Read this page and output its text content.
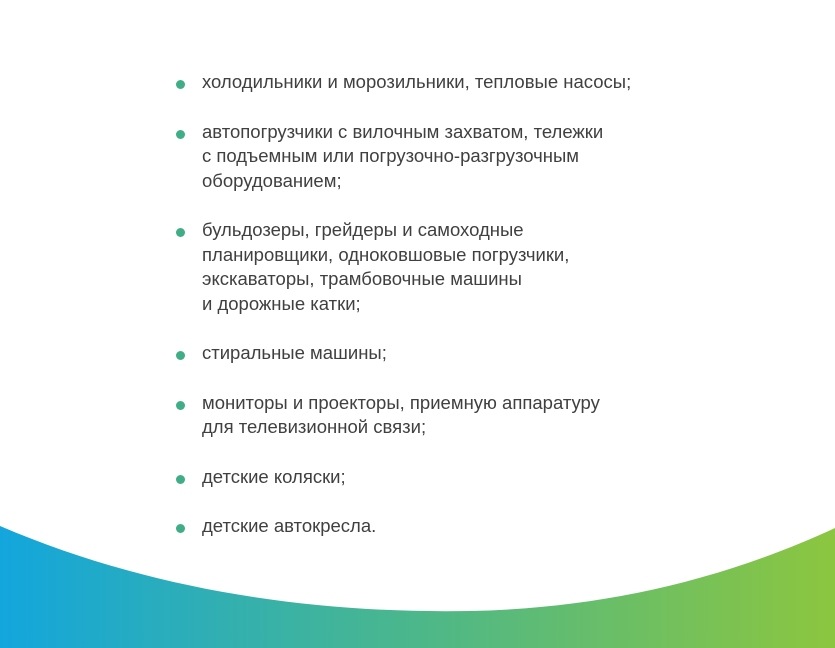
холодильники и морозильники, тепловые насосы;
автопогрузчики с вилочным захватом, тележки
с подъемным или погрузочно-разгрузочным
оборудованием;
бульдозеры, грейдеры и самоходные
планировщики, одноковшовые погрузчики,
экскаваторы, трамбовочные машины
и дорожные катки;
стиральные машины;
мониторы и проекторы, приемную аппаратуру
для телевизионной связи;
детские коляски;
детские автокресла.
